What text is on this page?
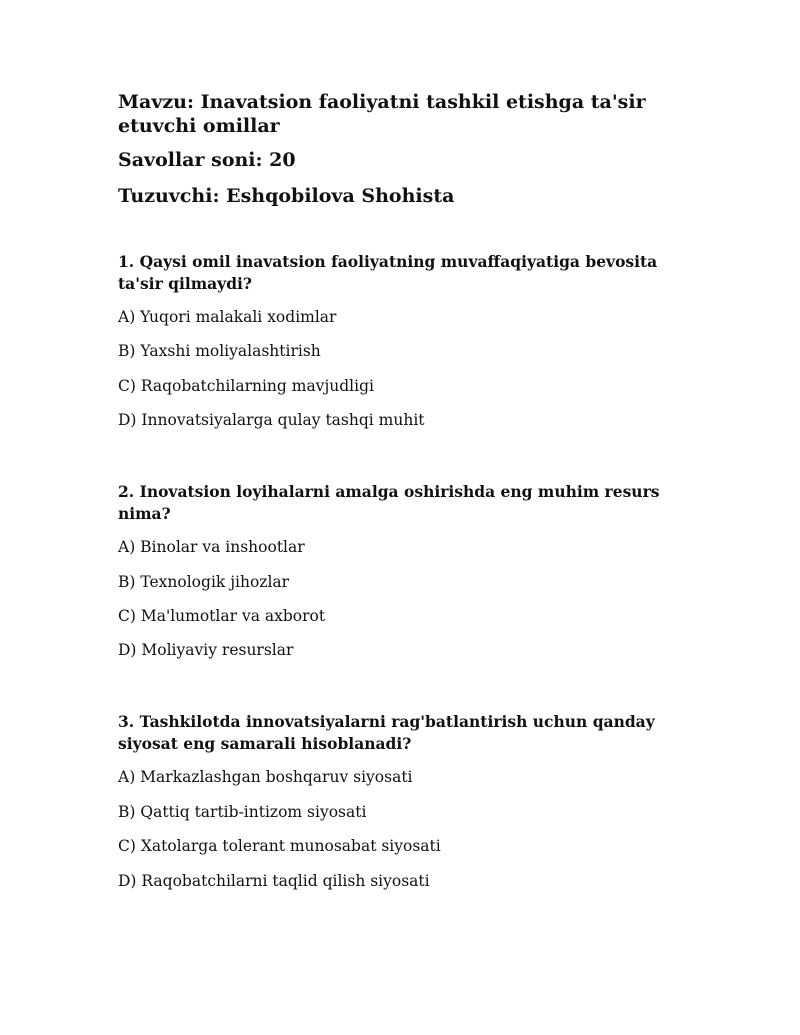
Mavzu: Inavatsion faoliyatni tashkil etishga ta'sir etuvchi omillar
Savollar soni: 20
Tuzuvchi: Eshqobilova Shohista
1. Qaysi omil inavatsion faoliyatning muvaffaqiyatiga bevosita ta'sir qilmaydi?
A) Yuqori malakali xodimlar
B) Yaxshi moliyalashtirish
C) Raqobatchilarning mavjudligi
D) Innovatsiyalarga qulay tashqi muhit
2. Inovatsion loyihalarni amalga oshirishda eng muhim resurs nima?
A) Binolar va inshootlar
B) Texnologik jihozlar
C) Ma'lumotlar va axborot
D) Moliyaviy resurslar
3. Tashkilotda innovatsiyalarni rag'batlantirish uchun qanday siyosat eng samarali hisoblanadi?
A) Markazlashgan boshqaruv siyosati
B) Qattiq tartib-intizom siyosati
C) Xatolarga tolerant munosabat siyosati
D) Raqobatchilarni taqlid qilish siyosati
